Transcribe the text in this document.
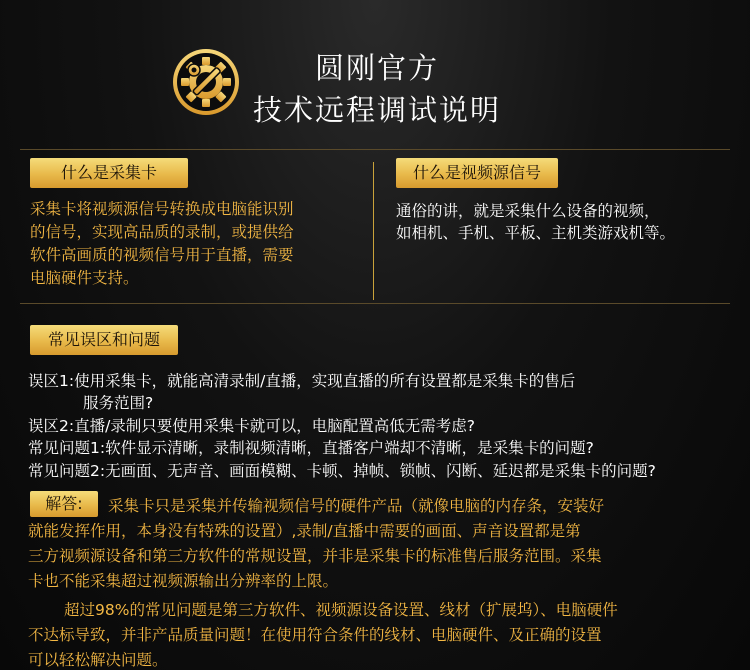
圆刚官方
技术远程调试说明
什么是采集卡
采集卡将视频源信号转换成电脑能识别
的信号，实现高品质的录制，或提供给
软件高画质的视频信号用于直播，需要
电脑硬件支持。
什么是视频源信号
通俗的讲，就是采集什么设备的视频，
如相机、手机、平板、主机类游戏机等。
常见误区和问题
误区1:使用采集卡，就能高清录制/直播，实现直播的所有设置都是采集卡的售后
服务范围?
误区2:直播/录制只要使用采集卡就可以，电脑配置高低无需考虑?
常见问题1:软件显示清晰，录制视频清晰，直播客户端却不清晰，是采集卡的问题?
常见问题2:无画面、无声音、画面模糊、卡顿、掉帧、锁帧、闪断、延迟都是采集卡的问题?
解答:	采集卡只是采集并传输视频信号的硬件产品（就像电脑的内存条，安装好
就能发挥作用，本身没有特殊的设置）,录制/直播中需要的画面、声音设置都是第
三方视频源设备和第三方软件的常规设置，并非是采集卡的标准售后服务范围。采集
卡也不能采集超过视频源输出分辨率的上限。
超过98%的常见问题是第三方软件、视频源设备设置、线材（扩展坞）、电脑硬件
不达标导致，并非产品质量问题！在使用符合条件的线材、电脑硬件、及正确的设置
可以轻松解决问题。
